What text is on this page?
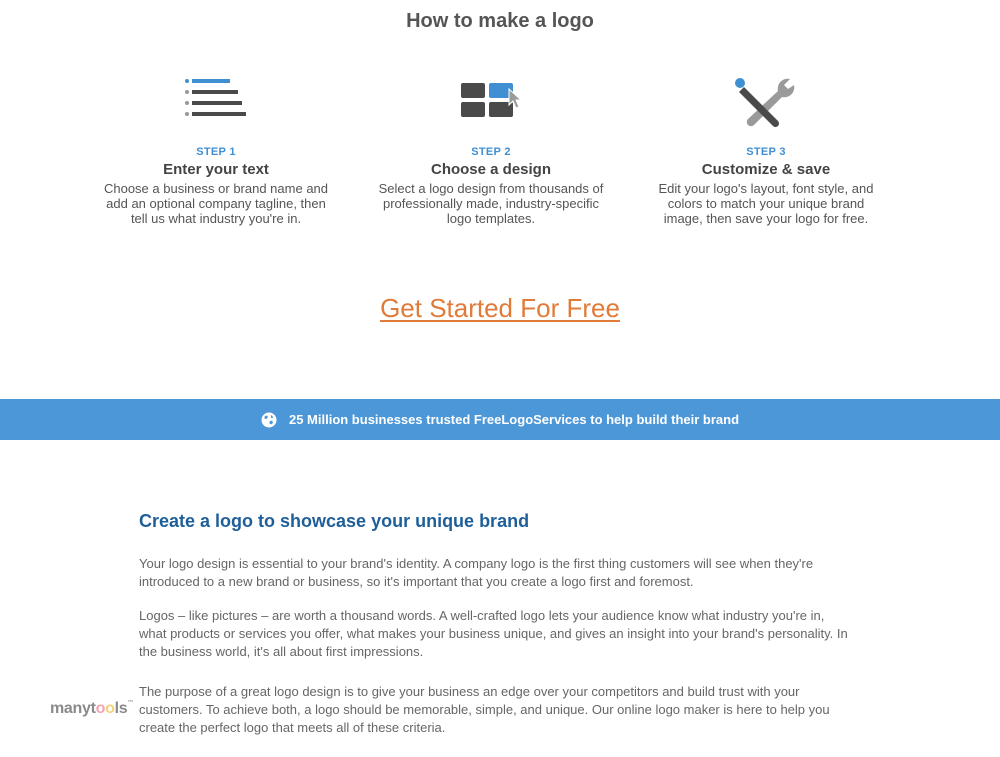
How to make a logo
STEP 1
Enter your text
Choose a business or brand name and add an optional company tagline, then tell us what industry you're in.
STEP 2
Choose a design
Select a logo design from thousands of professionally made, industry-specific logo templates.
STEP 3
Customize & save
Edit your logo's layout, font style, and colors to match your unique brand image, then save your logo for free.
Get Started For Free
25 Million businesses trusted FreeLogoServices to help build their brand
Create a logo to showcase your unique brand

Your logo design is essential to your brand's identity. A company logo is the first thing customers will see when they're introduced to a new brand or business, so it's important that you create a logo first and foremost.

Logos – like pictures – are worth a thousand words. A well-crafted logo lets your audience know what industry you're in, what products or services you offer, what makes your business unique, and gives an insight into your brand's personality. In the business world, it's all about first impressions.

The purpose of a great logo design is to give your business an edge over your competitors and build trust with your customers. To achieve both, a logo should be memorable, simple, and unique. Our online logo maker is here to help you create the perfect logo that meets all of these criteria.

manytools™
